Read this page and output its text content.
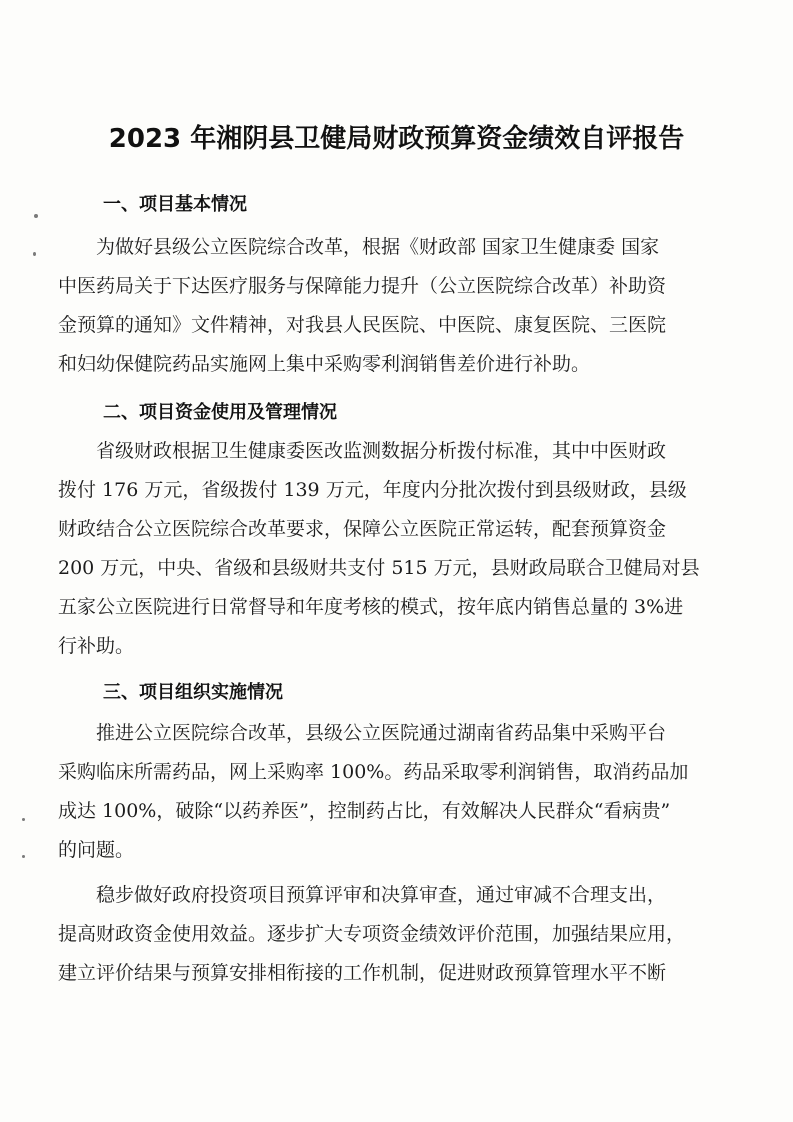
2023 年湘阴县卫健局财政预算资金绩效自评报告
一、项目基本情况
为做好县级公立医院综合改革，根据《财政部 国家卫生健康委 国家
中医药局关于下达医疗服务与保障能力提升（公立医院综合改革）补助资
金预算的通知》文件精神，对我县人民医院、中医院、康复医院、三医院
和妇幼保健院药品实施网上集中采购零利润销售差价进行补助。
二、项目资金使用及管理情况
省级财政根据卫生健康委医改监测数据分析拨付标准，其中中医财政
拨付 176 万元，省级拨付 139 万元，年度内分批次拨付到县级财政，县级
财政结合公立医院综合改革要求，保障公立医院正常运转，配套预算资金
200 万元，中央、省级和县级财共支付 515 万元，县财政局联合卫健局对县
五家公立医院进行日常督导和年度考核的模式，按年底内销售总量的 3%进
行补助。
三、项目组织实施情况
推进公立医院综合改革，县级公立医院通过湖南省药品集中采购平台
采购临床所需药品，网上采购率 100%。药品采取零利润销售，取消药品加
成达 100%，破除“以药养医”，控制药占比，有效解决人民群众“看病贵”
的问题。
稳步做好政府投资项目预算评审和决算审查，通过审减不合理支出，
提高财政资金使用效益。逐步扩大专项资金绩效评价范围，加强结果应用，
建立评价结果与预算安排相衔接的工作机制，促进财政预算管理水平不断
